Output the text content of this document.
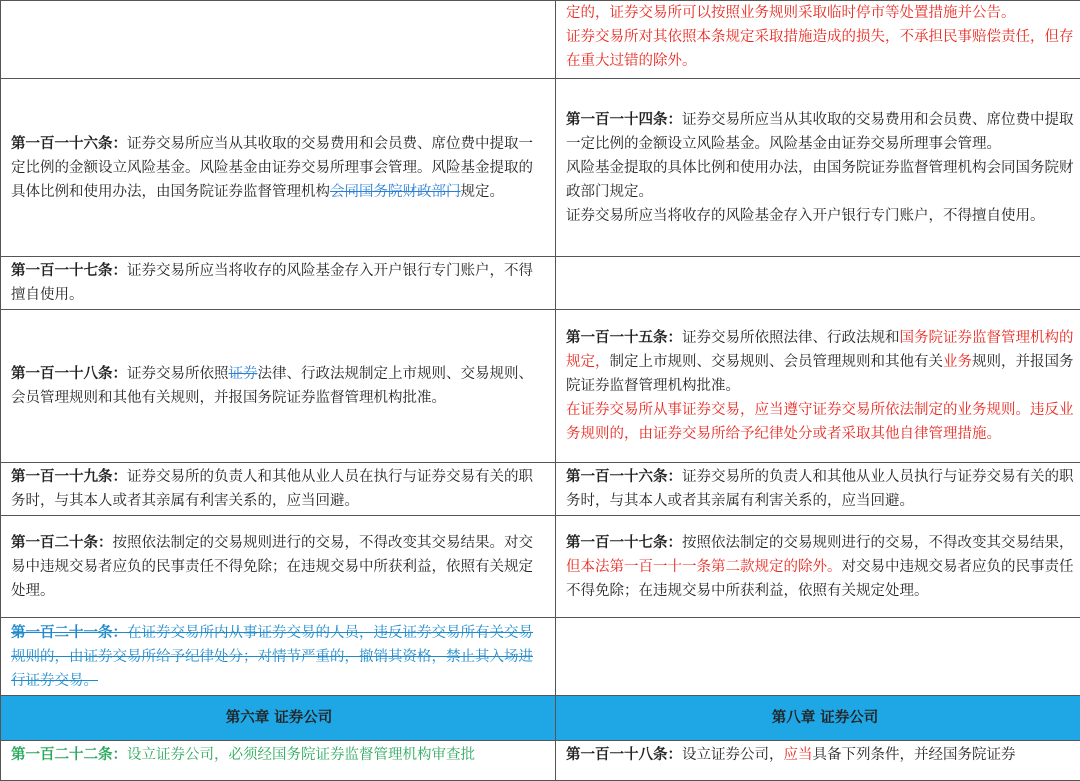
	定的，证券交易所可以按照业务规则采取临时停市等处置措施并公告。

证券交易所对其依照本条规定采取措施造成的损失，不承担民事赔偿责任，但存在重大过错的除外。

第一百一十六条：证券交易所应当从其收取的交易费用和会员费、席位费中提取一定比例的金额设立风险基金。风险基金由证券交易所理事会管理。风险基金提取的具体比例和使用办法，由国务院证券监督管理机构会同国务院财政部门规定。	第一百一十四条：证券交易所应当从其收取的交易费用和会员费、席位费中提取一定比例的金额设立风险基金。风险基金由证券交易所理事会管理。

风险基金提取的具体比例和使用办法，由国务院证券监督管理机构会同国务院财政部门规定。

证券交易所应当将收存的风险基金存入开户银行专门账户，不得擅自使用。

第一百一十七条：证券交易所应当将收存的风险基金存入开户银行专门账户，不得擅自使用。	

第一百一十八条：证券交易所依照证券法律、行政法规制定上市规则、交易规则、会员管理规则和其他有关规则，并报国务院证券监督管理机构批准。	第一百一十五条：证券交易所依照法律、行政法规和国务院证券监督管理机构的规定，制定上市规则、交易规则、会员管理规则和其他有关业务规则，并报国务院证券监督管理机构批准。

在证券交易所从事证券交易，应当遵守证券交易所依法制定的业务规则。违反业务规则的，由证券交易所给予纪律处分或者采取其他自律管理措施。

第一百一十九条：证券交易所的负责人和其他从业人员在执行与证券交易有关的职务时，与其本人或者其亲属有利害关系的，应当回避。	第一百一十六条：证券交易所的负责人和其他从业人员执行与证券交易有关的职务时，与其本人或者其亲属有利害关系的，应当回避。

第一百二十条：按照依法制定的交易规则进行的交易，不得改变其交易结果。对交易中违规交易者应负的民事责任不得免除；在违规交易中所获利益，依照有关规定处理。	第一百一十七条：按照依法制定的交易规则进行的交易，不得改变其交易结果，但本法第一百一十一条第二款规定的除外。对交易中违规交易者应负的民事责任不得免除；在违规交易中所获利益，依照有关规定处理。

第一百二十一条：在证券交易所内从事证券交易的人员，违反证券交易所有关交易规则的，由证券交易所给予纪律处分；对情节严重的，撤销其资格，禁止其入场进行证券交易。	

第六章 证券公司	第八章 证券公司

第一百二十二条：设立证券公司，必须经国务院证券监督管理机构审查批	第一百一十八条：设立证券公司，应当具备下列条件，并经国务院证券
